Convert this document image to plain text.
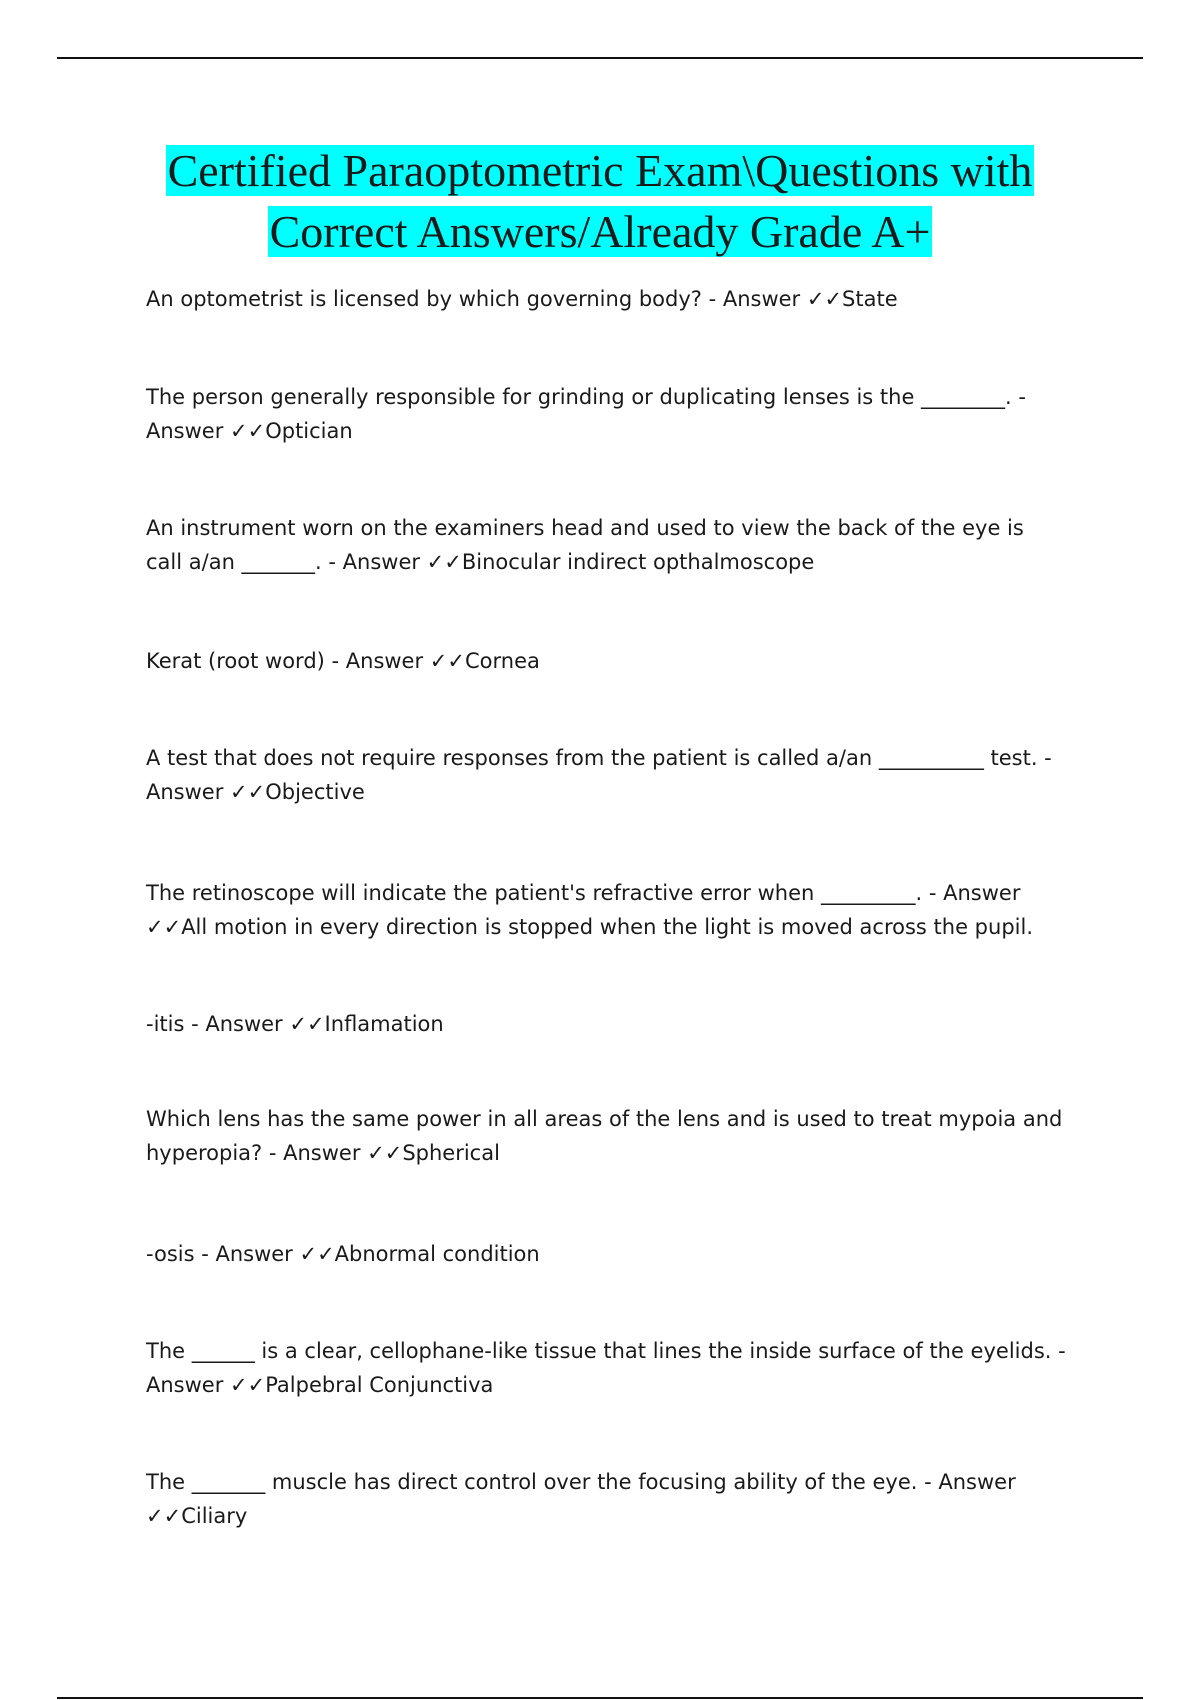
Certified Paraoptometric Exam\Questions with
Correct Answers/Already Grade A+
An optometrist is licensed by which governing body? - Answer ✓✓State
The person generally responsible for grinding or duplicating lenses is the ________. - Answer ✓✓Optician
An instrument worn on the examiners head and used to view the back of the eye is call a/an _______. - Answer ✓✓Binocular indirect opthalmoscope
Kerat (root word) - Answer ✓✓Cornea
A test that does not require responses from the patient is called a/an __________ test. - Answer ✓✓Objective
The retinoscope will indicate the patient's refractive error when _________. - Answer ✓✓All motion in every direction is stopped when the light is moved across the pupil.
-itis - Answer ✓✓Inflamation
Which lens has the same power in all areas of the lens and is used to treat mypoia and hyperopia? - Answer ✓✓Spherical
-osis - Answer ✓✓Abnormal condition
The ______ is a clear, cellophane-like tissue that lines the inside surface of the eyelids. - Answer ✓✓Palpebral Conjunctiva
The _______ muscle has direct control over the focusing ability of the eye. - Answer ✓✓Ciliary
